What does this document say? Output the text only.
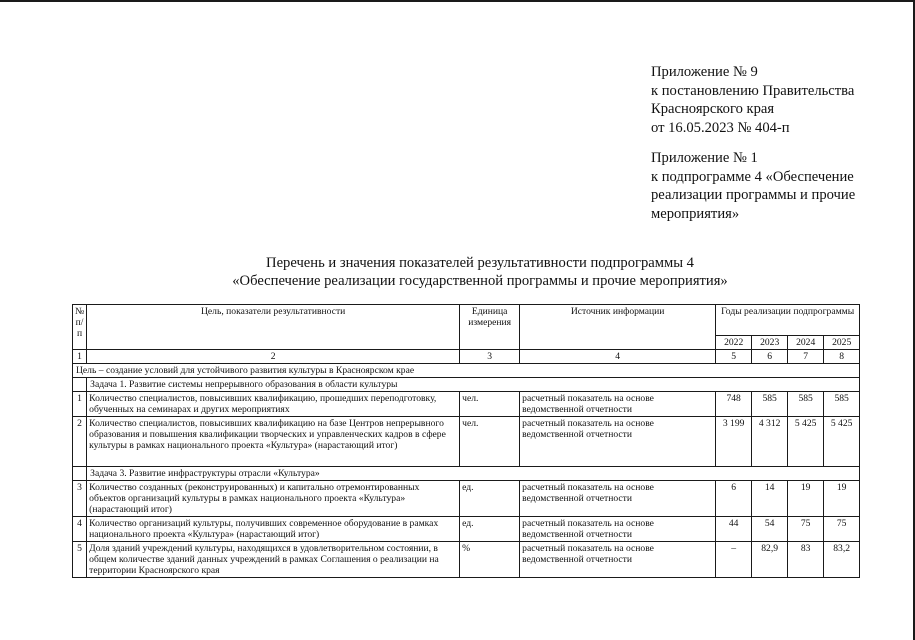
Приложение № 9
к постановлению Правительства
Красноярского края
от 16.05.2023 № 404-п
Приложение № 1
к подпрограмме 4 «Обеспечение
реализации программы и прочие
мероприятия»
Перечень и значения показателей результативности подпрограммы 4
«Обеспечение реализации государственной программы и прочие мероприятия»
№ п/п	Цель, показатели результативности	Единица измерения	Источник информации	Годы реализации подпрограммы			
				2022	2023	2024	2025
1	2	3	4	5	6	7	8
Цель – создание условий для устойчивого развития культуры в Красноярском крае							
	Задача 1. Развитие системы непрерывного образования в области культуры						
1	Количество специалистов, повысивших квалификацию, прошедших переподготовку, обученных на семинарах и других мероприятиях	чел.	расчетный показатель на основе ведомственной отчетности	748	585	585	585
2	Количество специалистов, повысивших квалификацию на базе Центров непрерывного образования и повышения квалификации творческих и управленческих кадров в сфере культуры в рамках национального проекта «Культура» (нарастающий итог)	чел.	расчетный показатель на основе ведомственной отчетности	3 199	4 312	5 425	5 425
	Задача 3. Развитие инфраструктуры отрасли «Культура»						
3	Количество созданных (реконструированных) и капитально отремонтированных объектов организаций культуры в рамках национального проекта «Культура» (нарастающий итог)	ед.	расчетный показатель на основе ведомственной отчетности	6	14	19	19
4	Количество организаций культуры, получивших современное оборудование в рамках национального проекта «Культура» (нарастающий итог)	ед.	расчетный показатель на основе ведомственной отчетности	44	54	75	75
5	Доля зданий учреждений культуры, находящихся в удовлетворительном состоянии, в общем количестве зданий данных учреждений в рамках Соглашения о реализации на территории Красноярского края	%	расчетный показатель на основе ведомственной отчетности	–	82,9	83	83,2
